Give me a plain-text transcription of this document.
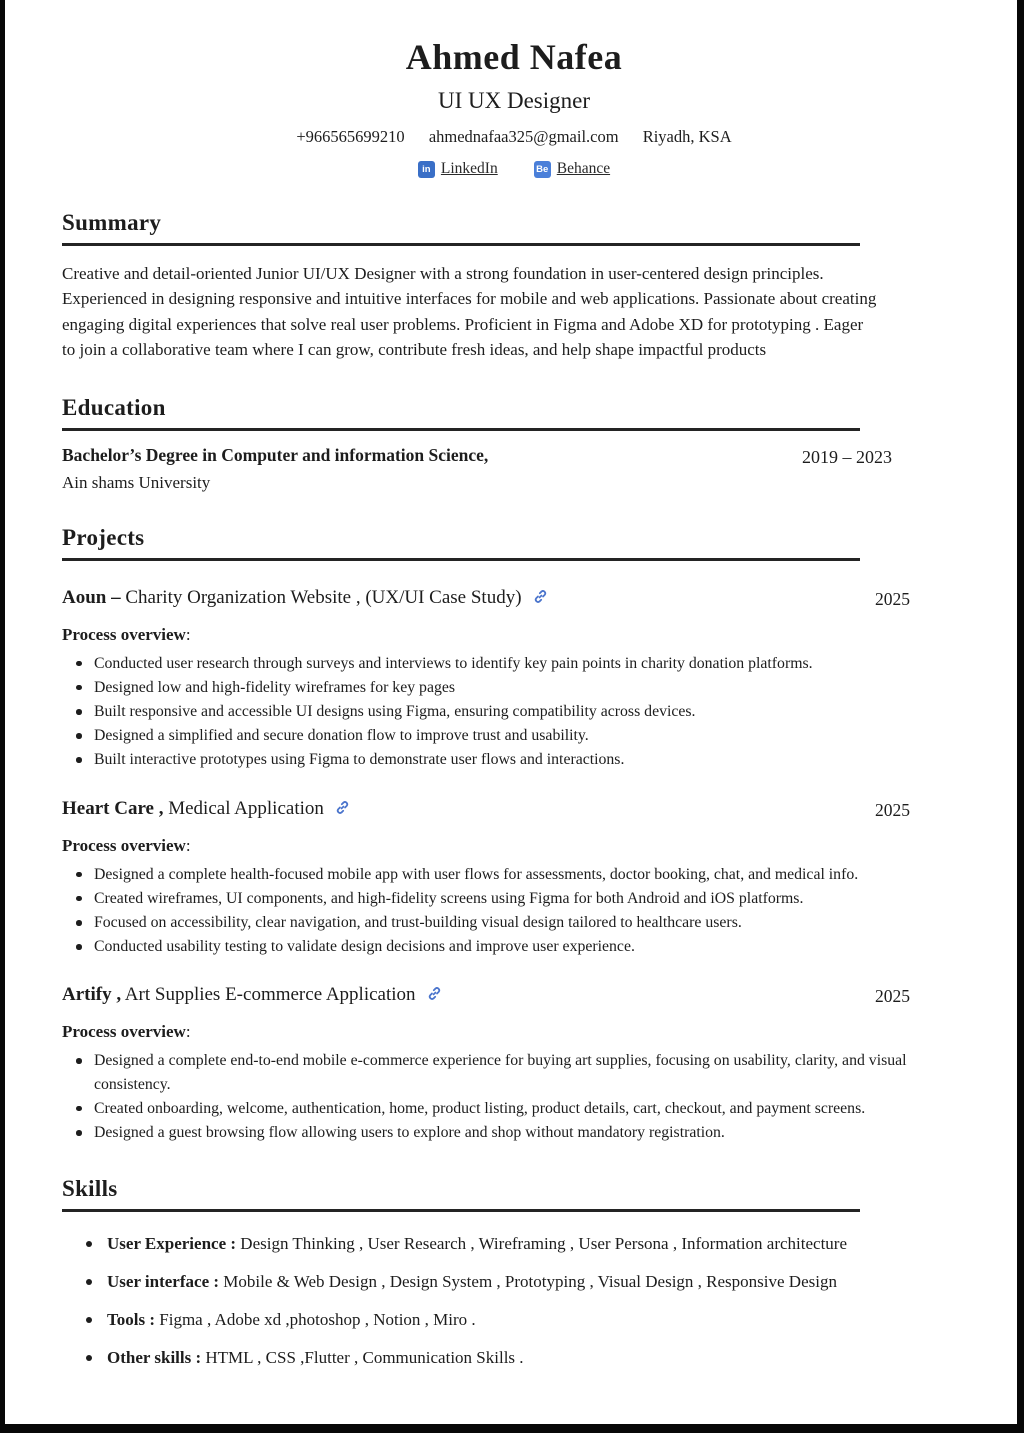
Ahmed Nafea
UI UX Designer
+966565699210 ahmednafaa325@gmail.com Riyadh, KSA
in LinkedIn	Be Behance
Summary

Creative and detail-oriented Junior UI/UX Designer with a strong foundation in user-centered design principles. Experienced in designing responsive and intuitive interfaces for mobile and web applications. Passionate about creating engaging digital experiences that solve real user problems. Proficient in Figma and Adobe XD for prototyping . Eager to join a collaborative team where I can grow, contribute fresh ideas, and help shape impactful products

Education
Bachelor’s Degree in Computer and information Science,
Ain shams University
2019 – 2023
Projects
Aoun – Charity Organization Website , (UX/UI Case Study)	2025
Process overview:
Conducted user research through surveys and interviews to identify key pain points in charity donation platforms.
Designed low and high-fidelity wireframes for key pages
Built responsive and accessible UI designs using Figma, ensuring compatibility across devices.
Designed a simplified and secure donation flow to improve trust and usability.
Built interactive prototypes using Figma to demonstrate user flows and interactions.
Heart Care , Medical Application	2025
Process overview:
Designed a complete health-focused mobile app with user flows for assessments, doctor booking, chat, and medical info.
Created wireframes, UI components, and high-fidelity screens using Figma for both Android and iOS platforms.
Focused on accessibility, clear navigation, and trust-building visual design tailored to healthcare users.
Conducted usability testing to validate design decisions and improve user experience.
Artify , Art Supplies E-commerce Application	2025
Process overview:
Designed a complete end-to-end mobile e-commerce experience for buying art supplies, focusing on usability, clarity, and visual consistency.
Created onboarding, welcome, authentication, home, product listing, product details, cart, checkout, and payment screens.
Designed a guest browsing flow allowing users to explore and shop without mandatory registration.
Skills
User Experience : Design Thinking , User Research , Wireframing , User Persona , Information architecture
User interface : Mobile & Web Design , Design System , Prototyping , Visual Design , Responsive Design
Tools : Figma , Adobe xd ,photoshop , Notion , Miro .
Other skills : HTML , CSS ,Flutter , Communication Skills .
